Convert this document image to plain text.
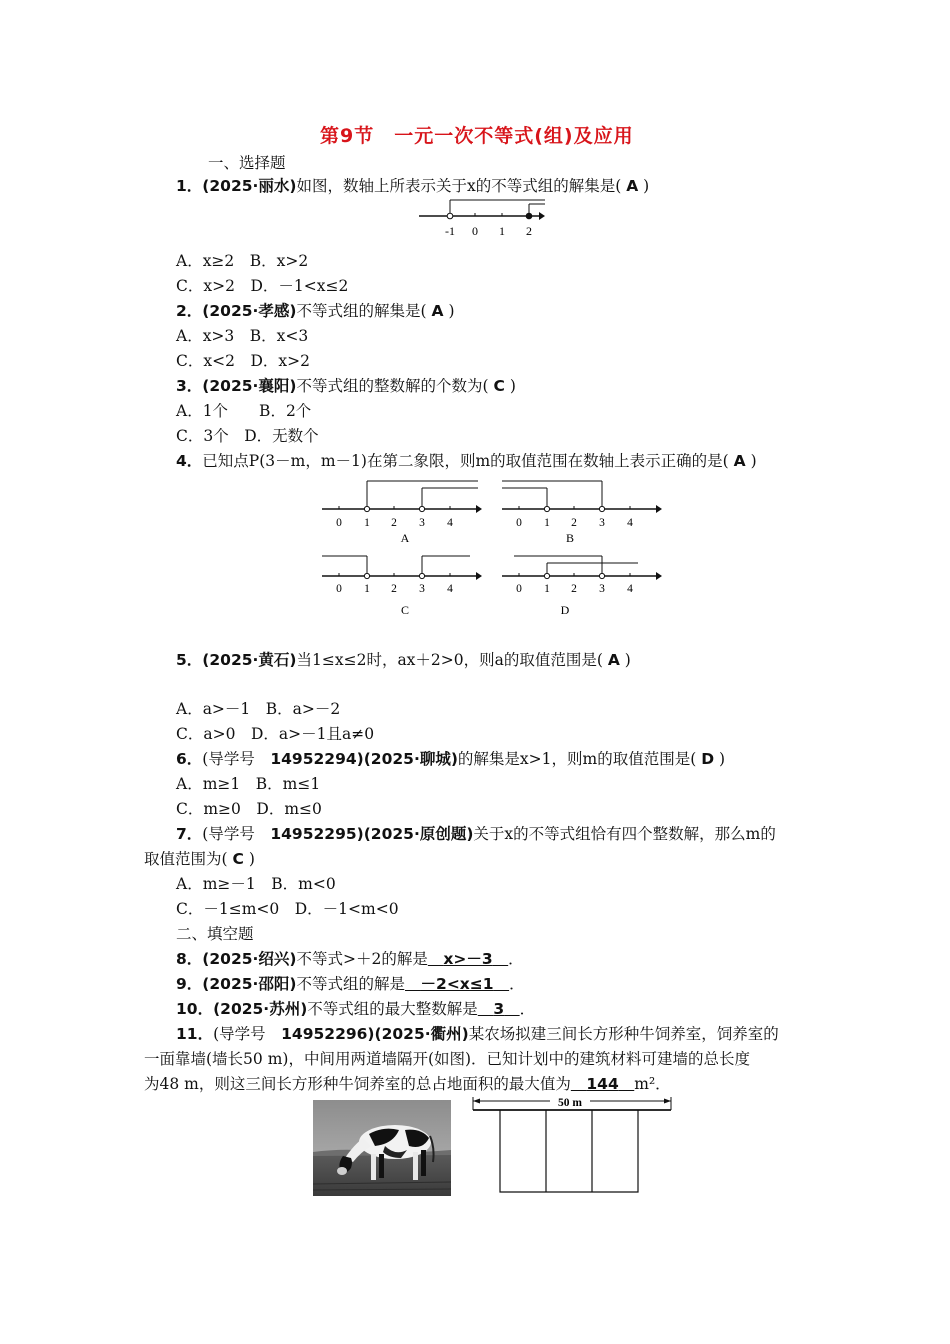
第9节　一元一次不等式(组)及应用
一、选择题
1．(2025·丽水)如图，数轴上所表示关于x的不等式组的解集是( A )
-1 0 1 2
A．x≥2　B．x>2
C．x>2　D．－1<x≤2
2．(2025·孝感)不等式组的解集是( A )
A．x>3　B．x<3
C．x<2　D．x>2
3．(2025·襄阳)不等式组的整数解的个数为( C )
A．1个　　B．2个
C．3个　D．无数个
4．已知点P(3－m，m－1)在第二象限，则m的取值范围在数轴上表示正确的是( A )
0 1 2 3 4
A
0 1 2 3 4
B
0 1 2 3 4
C
0 1 2 3 4
D
5．(2025·黄石)当1≤x≤2时，ax＋2>0，则a的取值范围是( A )
A．a>－1　B．a>－2
C．a>0　D．a>－1且a≠0
6．(导学号　14952294)(2025·聊城)的解集是x>1，则m的取值范围是( D )
A．m≥1　B．m≤1
C．m≥0　D．m≤0
7．(导学号　14952295)(2025·原创题)关于x的不等式组恰有四个整数解，那么m的
取值范围为( C )
A．m≥－1　B．m<0
C．－1≤m<0　D．－1<m<0
二、填空题
8．(2025·绍兴)不等式>＋2的解是　 x>－3　 ．
9．(2025·邵阳)不等式组的解是　 －2<x≤1　 ．
10．(2025·苏州)不等式组的最大整数解是　 3　 ．
11．(导学号　14952296)(2025·衢州)某农场拟建三间长方形种牛饲养室，饲养室的
一面靠墙(墙长50 m)，中间用两道墙隔开(如图)．已知计划中的建筑材料可建墙的总长度
为48 m，则这三间长方形种牛饲养室的总占地面积的最大值为　 144　 m²．
50 m
